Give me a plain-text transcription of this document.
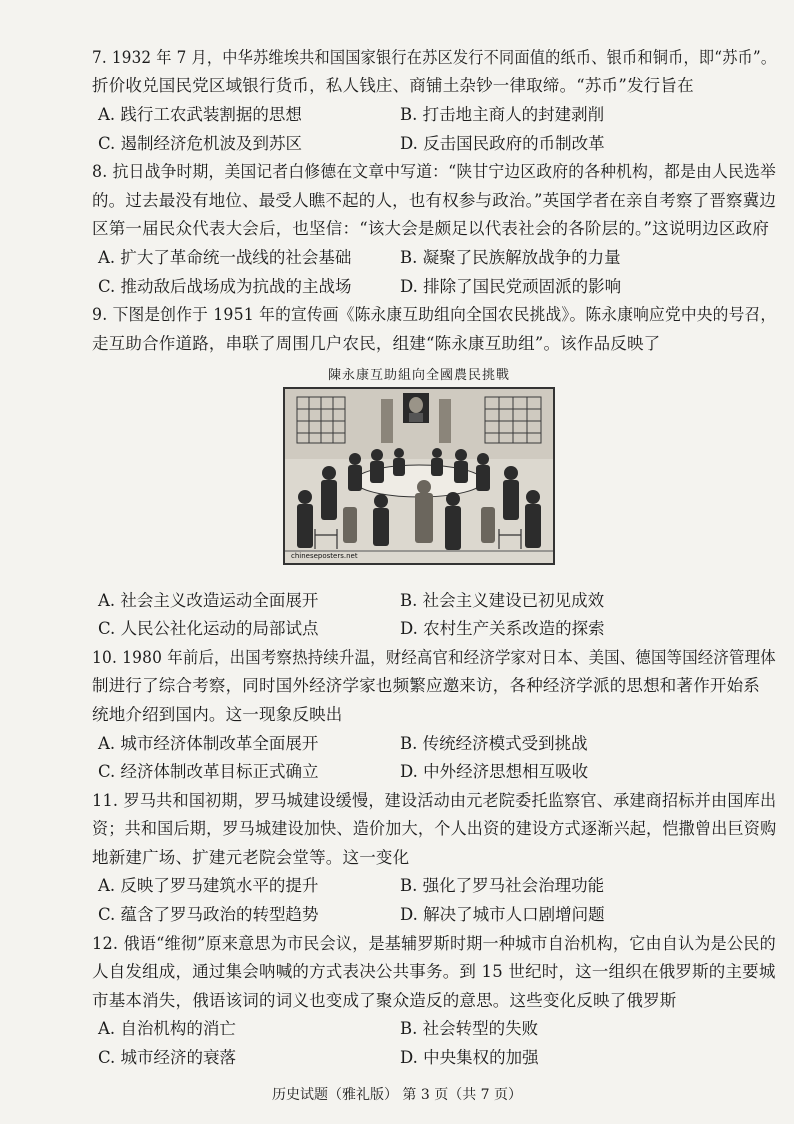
7. 1932 年 7 月，中华苏维埃共和国国家银行在苏区发行不同面值的纸币、银币和铜币，即“苏币”。
折价收兑国民党区域银行货币，私人钱庄、商铺土杂钞一律取缔。“苏币”发行旨在
A. 践行工农武装割据的思想	B. 打击地主商人的封建剥削
C. 遏制经济危机波及到苏区	D. 反击国民政府的币制改革
8. 抗日战争时期，美国记者白修德在文章中写道：“陕甘宁边区政府的各种机构，都是由人民选举
的。过去最没有地位、最受人瞧不起的人，也有权参与政治。”英国学者在亲自考察了晋察冀边
区第一届民众代表大会后，也坚信：“该大会是颇足以代表社会的各阶层的。”这说明边区政府
A. 扩大了革命统一战线的社会基础	B. 凝聚了民族解放战争的力量
C. 推动敌后战场成为抗战的主战场	D. 排除了国民党顽固派的影响
9. 下图是创作于 1951 年的宣传画《陈永康互助组向全国农民挑战》。陈永康响应党中央的号召，
走互助合作道路，串联了周围几户农民，组建“陈永康互助组”。该作品反映了
陳永康互助組向全國農民挑戰
chineseposters.net
A. 社会主义改造运动全面展开	B. 社会主义建设已初见成效
C. 人民公社化运动的局部试点	D. 农村生产关系改造的探索
10. 1980 年前后，出国考察热持续升温，财经高官和经济学家对日本、美国、德国等国经济管理体
制进行了综合考察，同时国外经济学家也频繁应邀来访，各种经济学派的思想和著作开始系
统地介绍到国内。这一现象反映出
A. 城市经济体制改革全面展开	B. 传统经济模式受到挑战
C. 经济体制改革目标正式确立	D. 中外经济思想相互吸收
11. 罗马共和国初期，罗马城建设缓慢，建设活动由元老院委托监察官、承建商招标并由国库出
资；共和国后期，罗马城建设加快、造价加大，个人出资的建设方式逐渐兴起，恺撒曾出巨资购
地新建广场、扩建元老院会堂等。这一变化
A. 反映了罗马建筑水平的提升	B. 强化了罗马社会治理功能
C. 蕴含了罗马政治的转型趋势	D. 解决了城市人口剧增问题
12. 俄语“维彻”原来意思为市民会议，是基辅罗斯时期一种城市自治机构，它由自认为是公民的
人自发组成，通过集会呐喊的方式表决公共事务。到 15 世纪时，这一组织在俄罗斯的主要城
市基本消失，俄语该词的词义也变成了聚众造反的意思。这些变化反映了俄罗斯
A. 自治机构的消亡	B. 社会转型的失败
C. 城市经济的衰落	D. 中央集权的加强
历史试题（雅礼版） 第 3 页（共 7 页）
